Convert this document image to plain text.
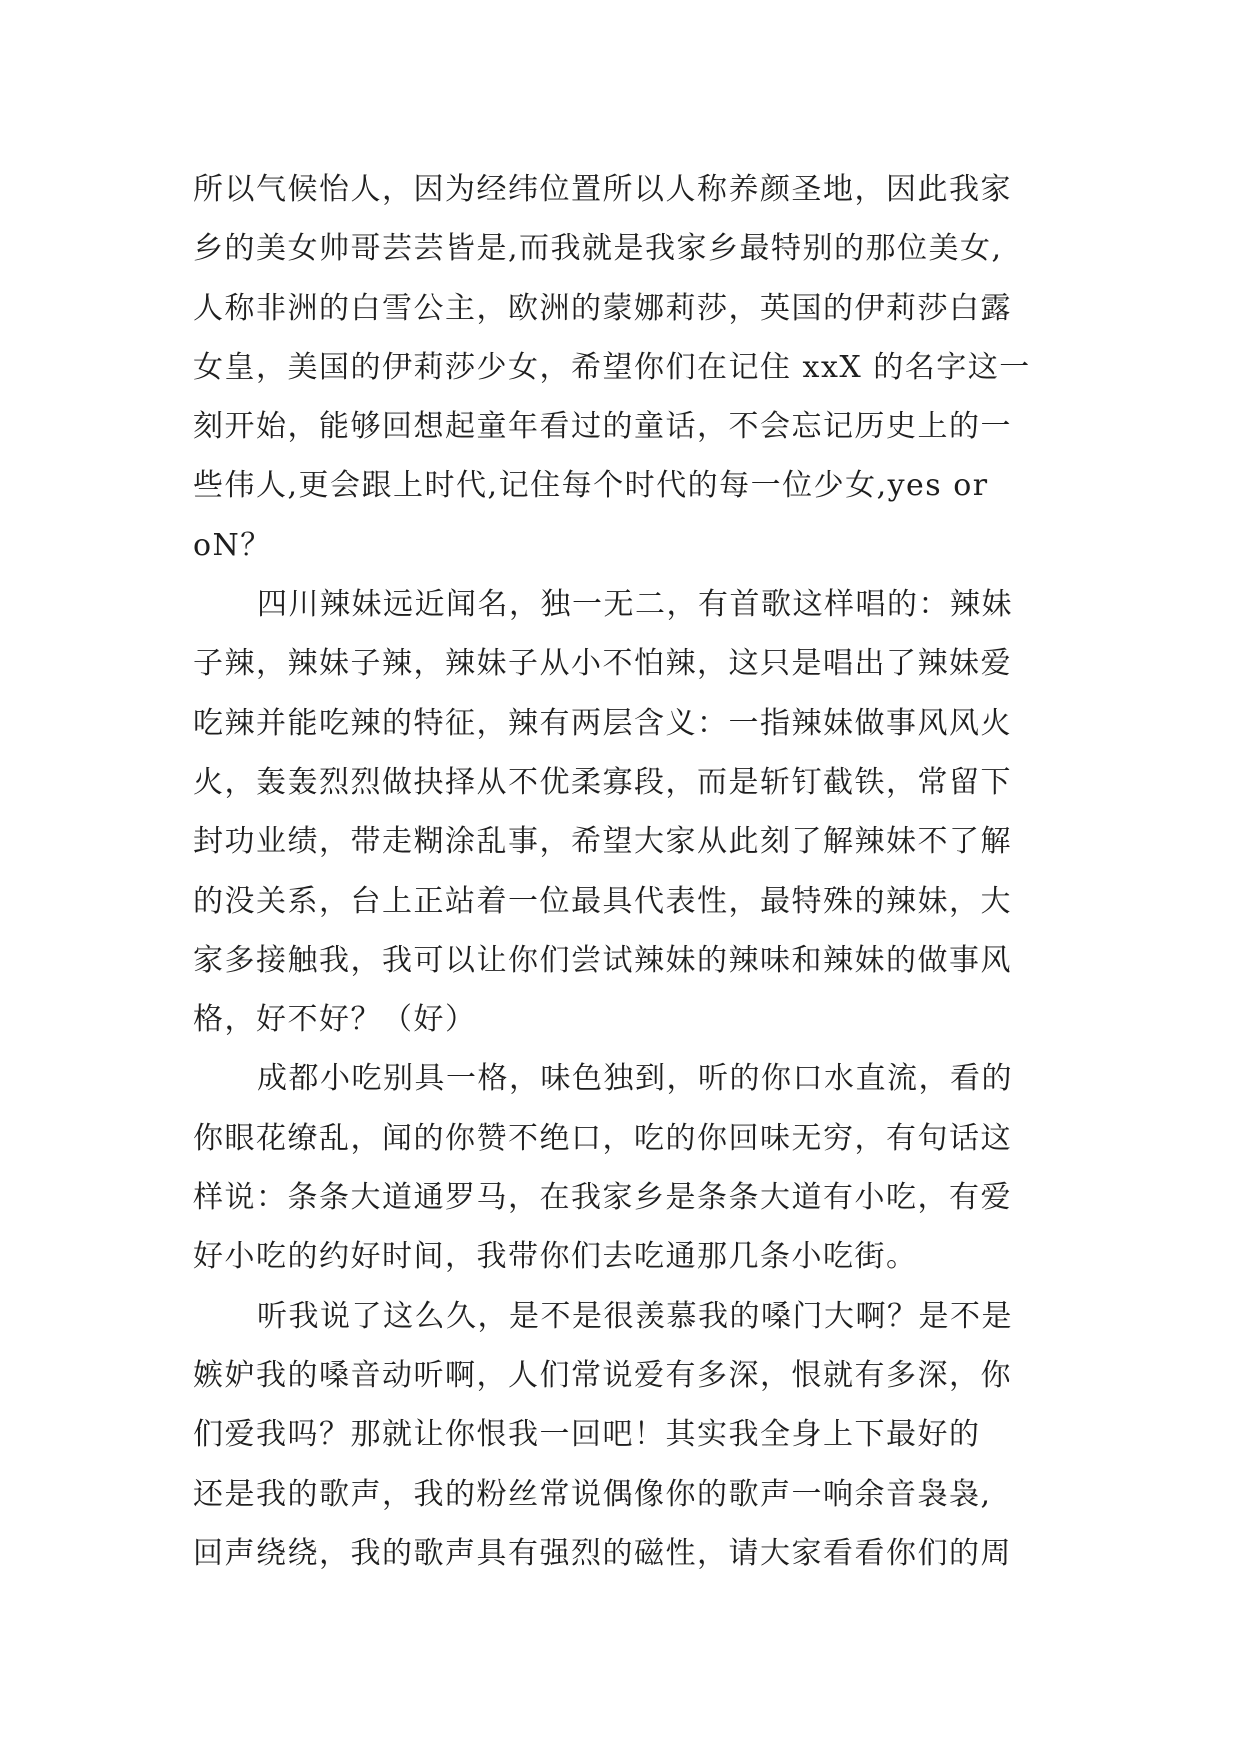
所以气候怡人，因为经纬位置所以人称养颜圣地，因此我家
乡的美女帅哥芸芸皆是,而我就是我家乡最特别的那位美女,
人称非洲的白雪公主，欧洲的蒙娜莉莎，英国的伊莉莎白露
女皇，美国的伊莉莎少女，希望你们在记住 xxX 的名字这一
刻开始，能够回想起童年看过的童话，不会忘记历史上的一
些伟人,更会跟上时代,记住每个时代的每一位少女,yes or
oN？
四川辣妹远近闻名，独一无二，有首歌这样唱的：辣妹
子辣，辣妹子辣，辣妹子从小不怕辣，这只是唱出了辣妹爱
吃辣并能吃辣的特征，辣有两层含义：一指辣妹做事风风火
火，轰轰烈烈做抉择从不优柔寡段，而是斩钉截铁，常留下
封功业绩，带走糊涂乱事，希望大家从此刻了解辣妹不了解
的没关系，台上正站着一位最具代表性，最特殊的辣妹，大
家多接触我，我可以让你们尝试辣妹的辣味和辣妹的做事风
格，好不好？（好）
成都小吃别具一格，味色独到，听的你口水直流，看的
你眼花缭乱，闻的你赞不绝口，吃的你回味无穷，有句话这
样说：条条大道通罗马，在我家乡是条条大道有小吃，有爱
好小吃的约好时间，我带你们去吃通那几条小吃街。
听我说了这么久，是不是很羡慕我的嗓门大啊？是不是
嫉妒我的嗓音动听啊，人们常说爱有多深，恨就有多深，你
们爱我吗？那就让你恨我一回吧！其实我全身上下最好的
还是我的歌声，我的粉丝常说偶像你的歌声一响余音袅袅,
回声绕绕，我的歌声具有强烈的磁性，请大家看看你们的周
